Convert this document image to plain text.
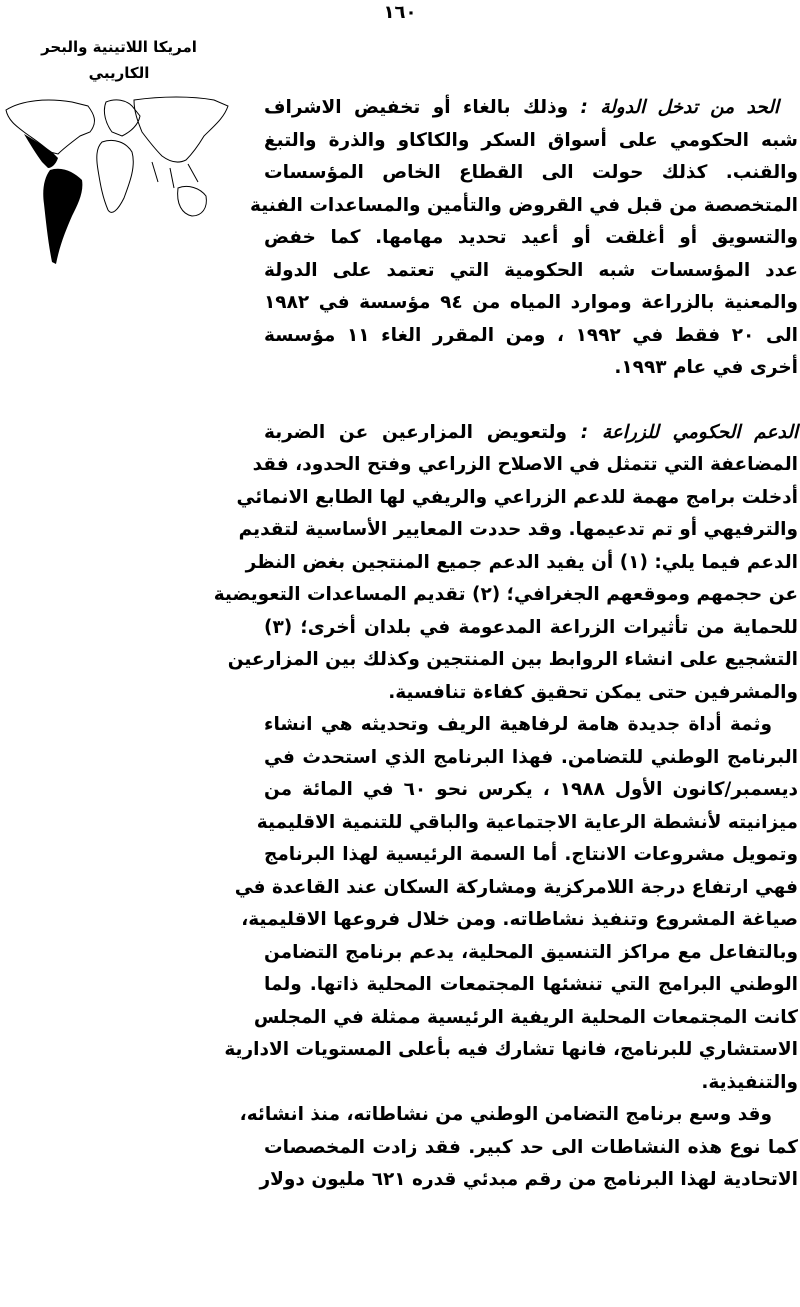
١٦٠
امريكا اللاتينية والبحر
الكاريبي
الحد من تدخل الدولة : وذلك بالغاء أو تخفيض الاشراف
شبه الحكومي على أسواق السكر والكاكاو والذرة والتبغ
والقنب. كذلك حولت الى القطاع الخاص المؤسسات
المتخصصة من قبل في القروض والتأمين والمساعدات الفنية
والتسويق أو أغلقت أو أعيد تحديد مهامها. كما خفض
عدد المؤسسات شبه الحكومية التي تعتمد على الدولة
والمعنية بالزراعة وموارد المياه من ٩٤ مؤسسة في ١٩٨٢
الى ٢٠ فقط في ١٩٩٢ ، ومن المقرر الغاء ١١ مؤسسة
أخرى في عام ١٩٩٣.
الدعم الحكومي للزراعة : ولتعويض المزارعين عن الضربة
المضاعفة التي تتمثل في الاصلاح الزراعي وفتح الحدود، فقد
أدخلت برامج مهمة للدعم الزراعي والريفي لها الطابع الانمائي
والترفيهي أو تم تدعيمها. وقد حددت المعايير الأساسية لتقديم
الدعم فيما يلي: (١) أن يفيد الدعم جميع المنتجين بغض النظر
عن حجمهم وموقعهم الجغرافي؛ (٢) تقديم المساعدات التعويضية
للحماية من تأثيرات الزراعة المدعومة في بلدان أخرى؛ (٣)
التشجيع على انشاء الروابط بين المنتجين وكذلك بين المزارعين
والمشرفين حتى يمكن تحقيق كفاءة تنافسية.
وثمة أداة جديدة هامة لرفاهية الريف وتحديثه هي انشاء
البرنامج الوطني للتضامن. فهذا البرنامج الذي استحدث في
ديسمبر/كانون الأول ١٩٨٨ ، يكرس نحو ٦٠ في المائة من
ميزانيته لأنشطة الرعاية الاجتماعية والباقي للتنمية الاقليمية
وتمويل مشروعات الانتاج. أما السمة الرئيسية لهذا البرنامج
فهي ارتفاع درجة اللامركزية ومشاركة السكان عند القاعدة في
صياغة المشروع وتنفيذ نشاطاته. ومن خلال فروعها الاقليمية،
وبالتفاعل مع مراكز التنسيق المحلية، يدعم برنامج التضامن
الوطني البرامج التي تنشئها المجتمعات المحلية ذاتها. ولما
كانت المجتمعات المحلية الريفية الرئيسية ممثلة في المجلس
الاستشاري للبرنامج، فانها تشارك فيه بأعلى المستويات الادارية
والتنفيذية.
وقد وسع برنامج التضامن الوطني من نشاطاته، منذ انشائه،
كما نوع هذه النشاطات الى حد كبير. فقد زادت المخصصات
الاتحادية لهذا البرنامج من رقم مبدئي قدره ٦٢١ مليون دولار
